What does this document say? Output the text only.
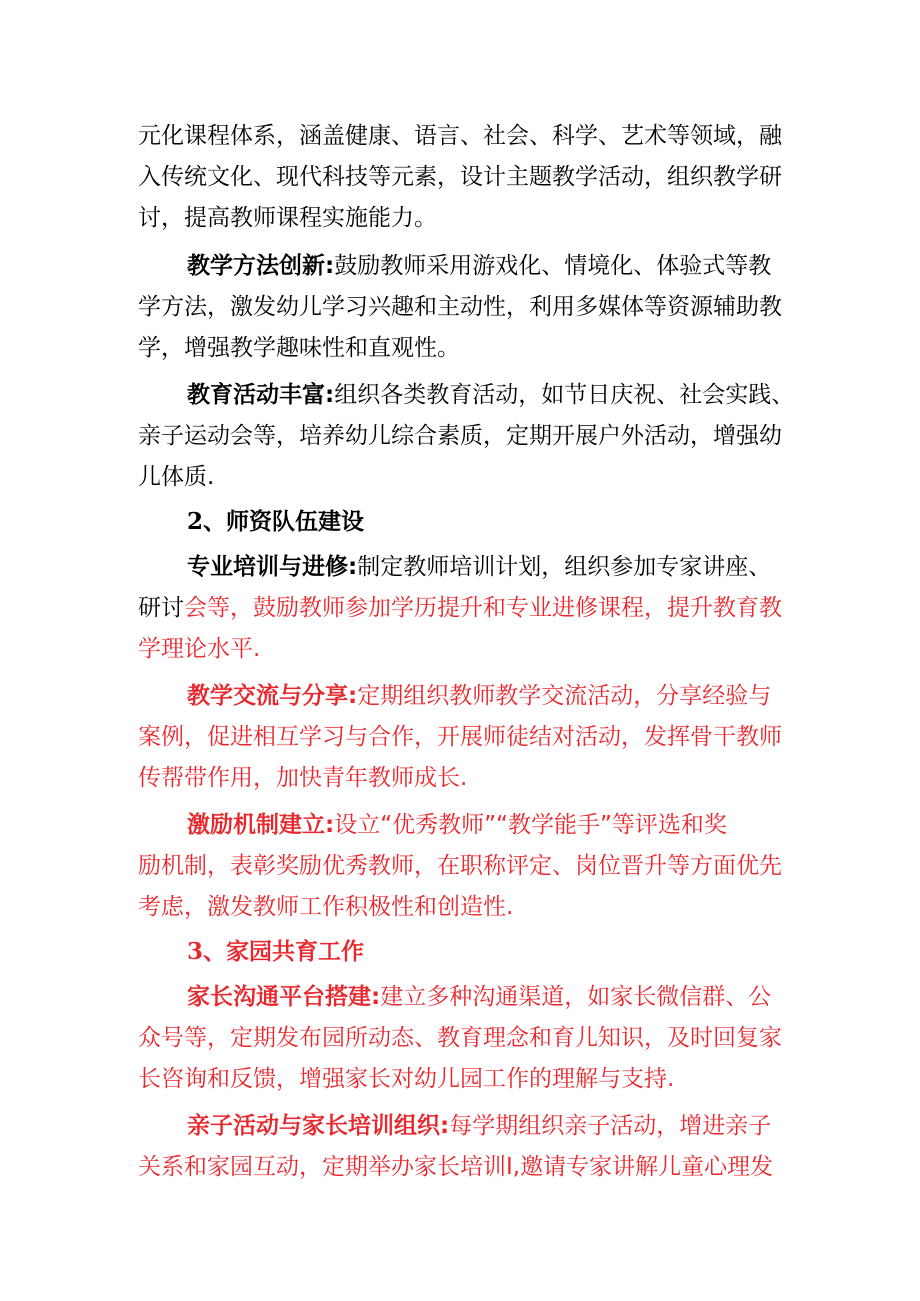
元化课程体系，涵盖健康、语言、社会、科学、艺术等领域，融
入传统文化、现代科技等元素，设计主题教学活动，组织教学研
讨，提高教师课程实施能力。
教学方法创新:鼓励教师采用游戏化、情境化、体验式等教
学方法，激发幼儿学习兴趣和主动性，利用多媒体等资源辅助教
学，增强教学趣味性和直观性。
教育活动丰富:组织各类教育活动，如节日庆祝、社会实践、
亲子运动会等，培养幼儿综合素质，定期开展户外活动，增强幼
儿体质.
2、师资队伍建设
专业培训与进修:制定教师培训计划，组织参加专家讲座、
研讨会等，鼓励教师参加学历提升和专业进修课程，提升教育教
学理论水平.
教学交流与分享:定期组织教师教学交流活动，分享经验与
案例，促进相互学习与合作，开展师徒结对活动，发挥骨干教师
传帮带作用，加快青年教师成长.
激励机制建立:设立“优秀教师”“教学能手”等评选和奖
励机制，表彰奖励优秀教师，在职称评定、岗位晋升等方面优先
考虑，激发教师工作积极性和创造性.
3、家园共育工作
家长沟通平台搭建:建立多种沟通渠道，如家长微信群、公
众号等，定期发布园所动态、教育理念和育儿知识，及时回复家
长咨询和反馈，增强家长对幼儿园工作的理解与支持.
亲子活动与家长培训组织:每学期组织亲子活动，增进亲子
关系和家园互动，定期举办家长培训I,邀请专家讲解儿童心理发
